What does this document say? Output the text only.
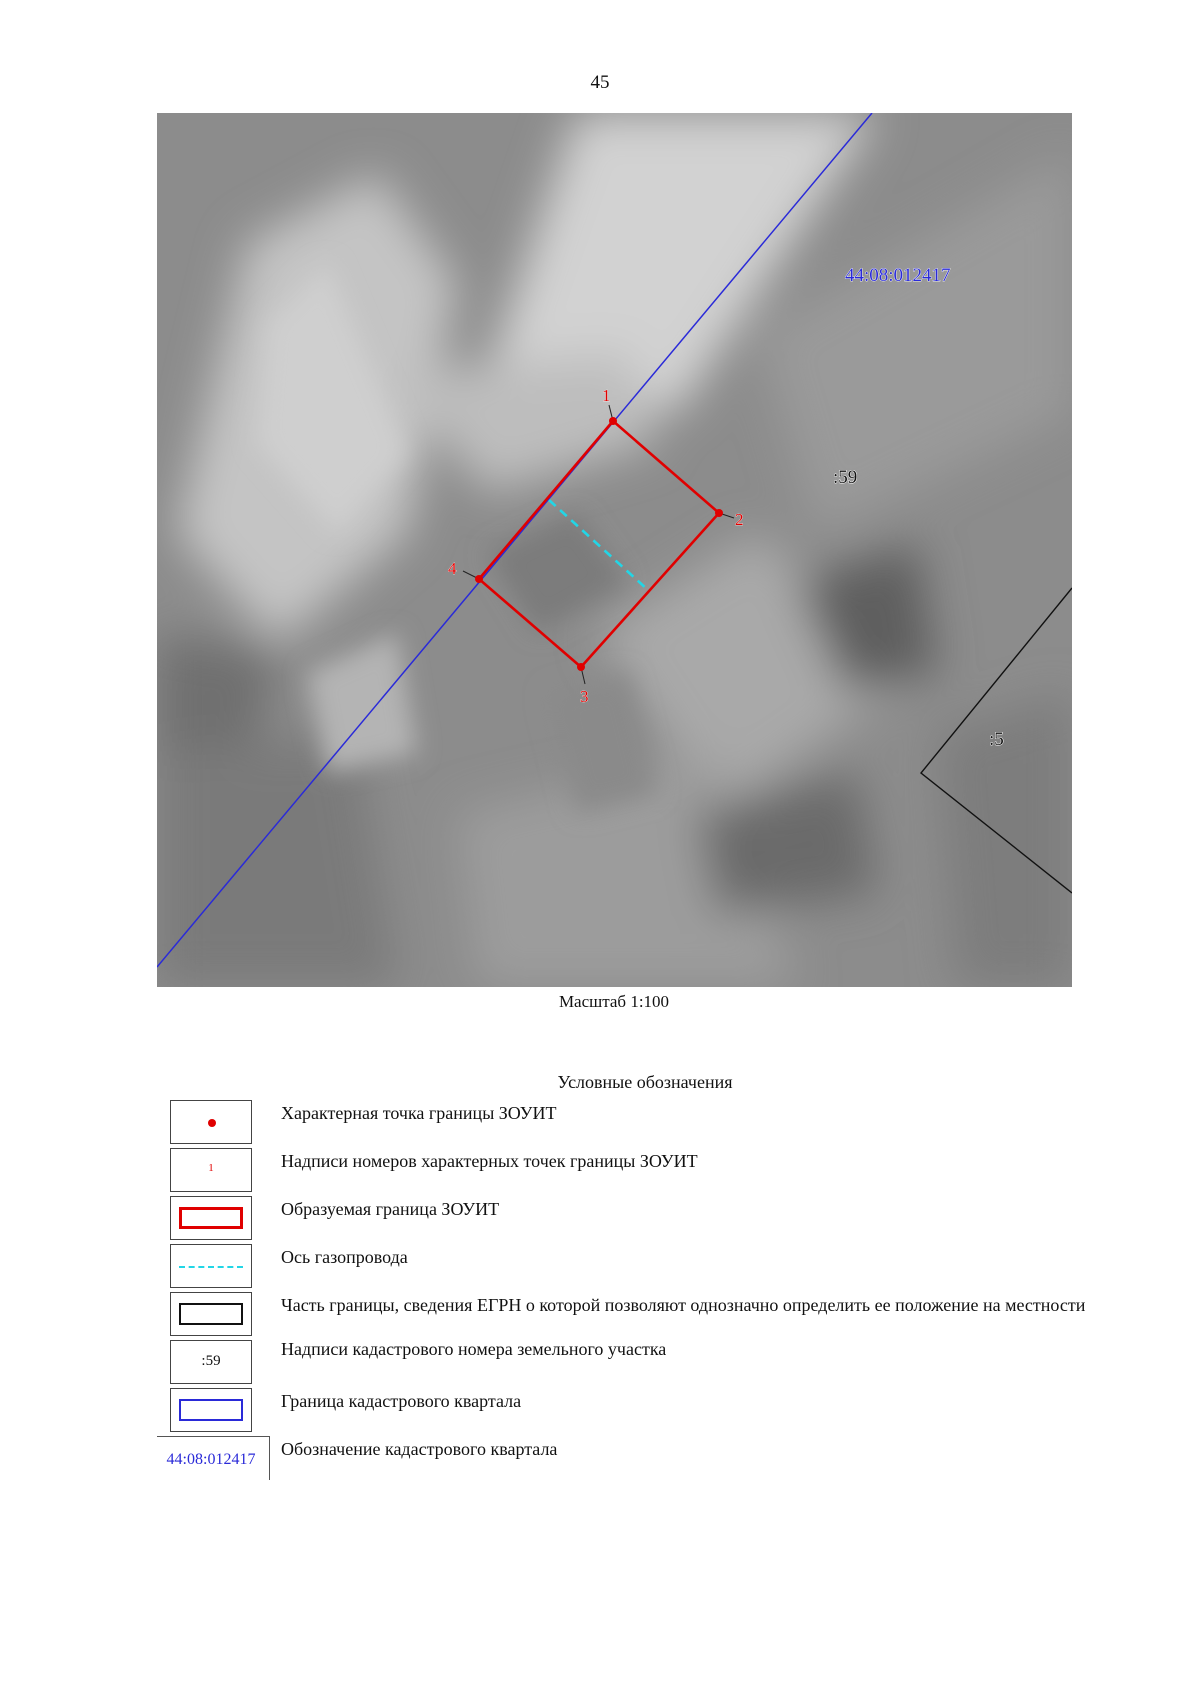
45
1
2
3
4
44:08:012417
:59
:5
Масштаб 1:100
Условные обозначения
Характерная точка границы ЗОУИТ
1	Надписи номеров характерных точек границы ЗОУИТ
Образуемая граница ЗОУИТ
Ось газопровода
Часть границы, сведения ЕГРН о которой позволяют однозначно определить ее положение на местности
:59
Надписи кадастрового номера земельного участка
Граница кадастрового квартала
44:08:012417
Обозначение кадастрового квартала
